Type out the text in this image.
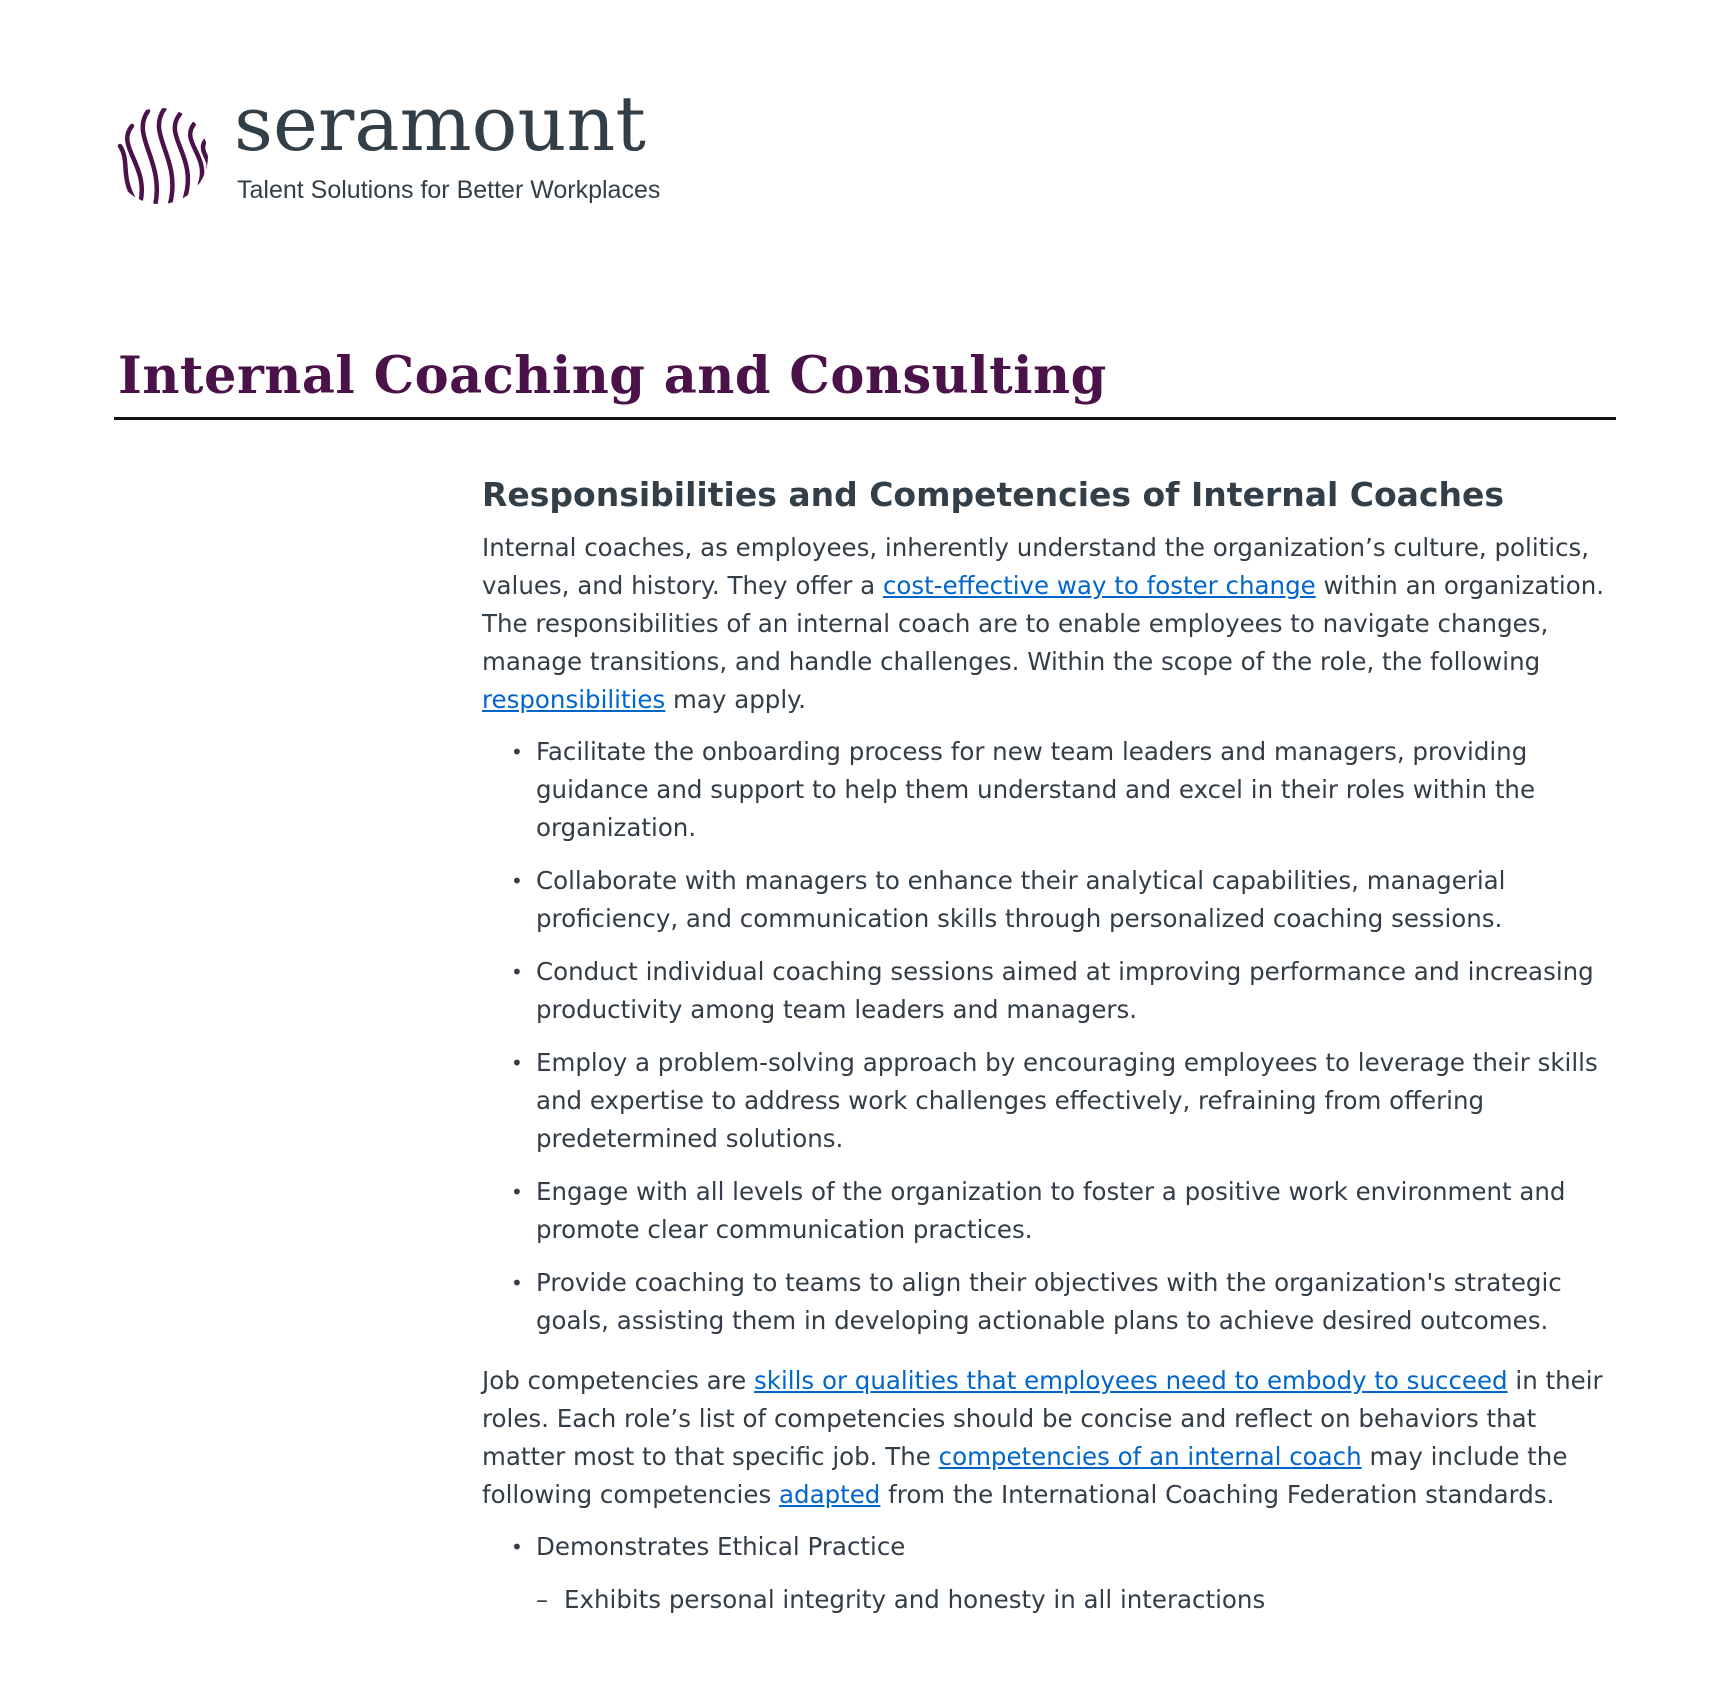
seramount
Talent Solutions for Better Workplaces
Internal Coaching and Consulting
Responsibilities and Competencies of Internal Coaches

Internal coaches, as employees, inherently understand the organization’s culture, politics, values, and history. They offer a cost-effective way to foster change within an organization. The responsibilities of an internal coach are to enable employees to navigate changes, manage transitions, and handle challenges. Within the scope of the role, the following responsibilities may apply.

• Facilitate the onboarding process for new team leaders and managers, providing guidance and support to help them understand and excel in their roles within the organization.
• Collaborate with managers to enhance their analytical capabilities, managerial proficiency, and communication skills through personalized coaching sessions.
• Conduct individual coaching sessions aimed at improving performance and increasing productivity among team leaders and managers.
• Employ a problem-solving approach by encouraging employees to leverage their skills and expertise to address work challenges effectively, refraining from offering predetermined solutions.
• Engage with all levels of the organization to foster a positive work environment and promote clear communication practices.
• Provide coaching to teams to align their objectives with the organization's strategic goals, assisting them in developing actionable plans to achieve desired outcomes.

Job competencies are skills or qualities that employees need to embody to succeed in their roles. Each role’s list of competencies should be concise and reflect on behaviors that matter most to that specific job. The competencies of an internal coach may include the following competencies adapted from the International Coaching Federation standards.

• Demonstrates Ethical Practice
– Exhibits personal integrity and honesty in all interactions
